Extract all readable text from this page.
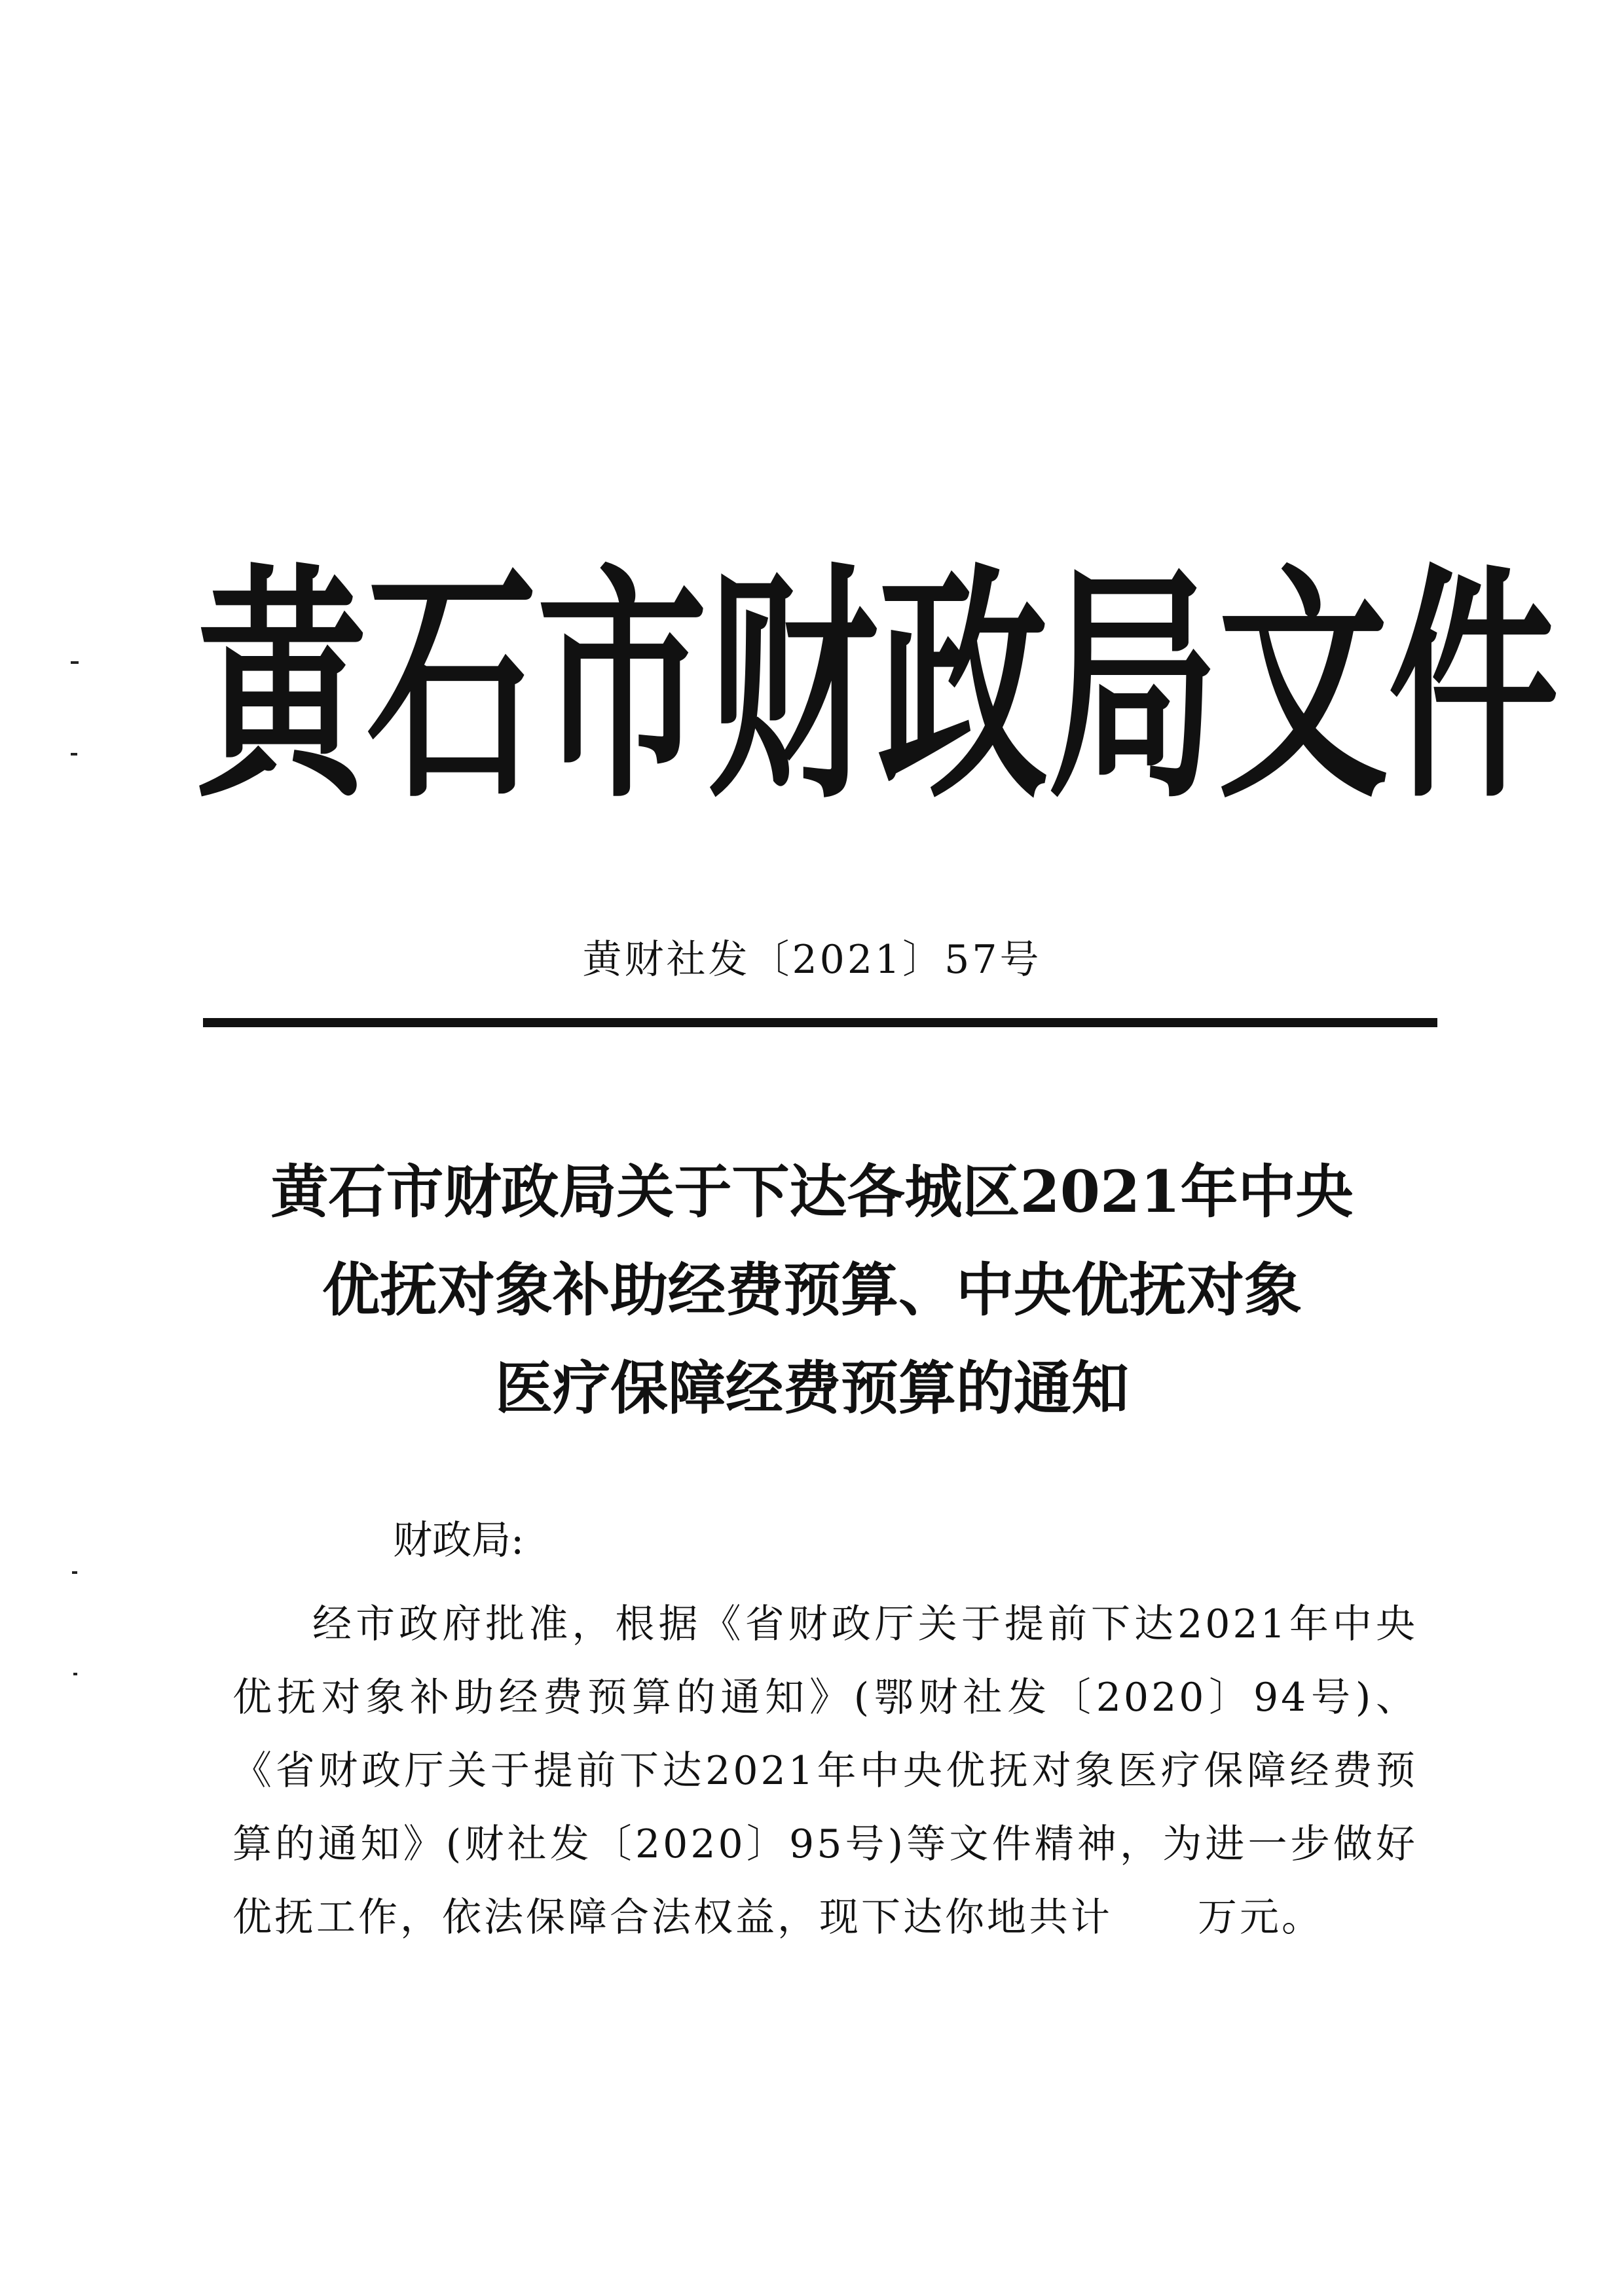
黄 石 市 财 政 局 文 件
黄财社发〔2021〕57号
黄石市财政局关于下达各城区2021年中央
优抚对象补助经费预算、中央优抚对象
医疗保障经费预算的通知
财政局:
经市政府批准，根据《省财政厅关于提前下达2021年中央优抚对象补助经费预算的通知》(鄂财社发〔2020〕94号)、《省财政厅关于提前下达2021年中央优抚对象医疗保障经费预算的通知》(财社发〔2020〕95号)等文件精神，为进一步做好优抚工作，依法保障合法权益，现下达你地共计 万元。
